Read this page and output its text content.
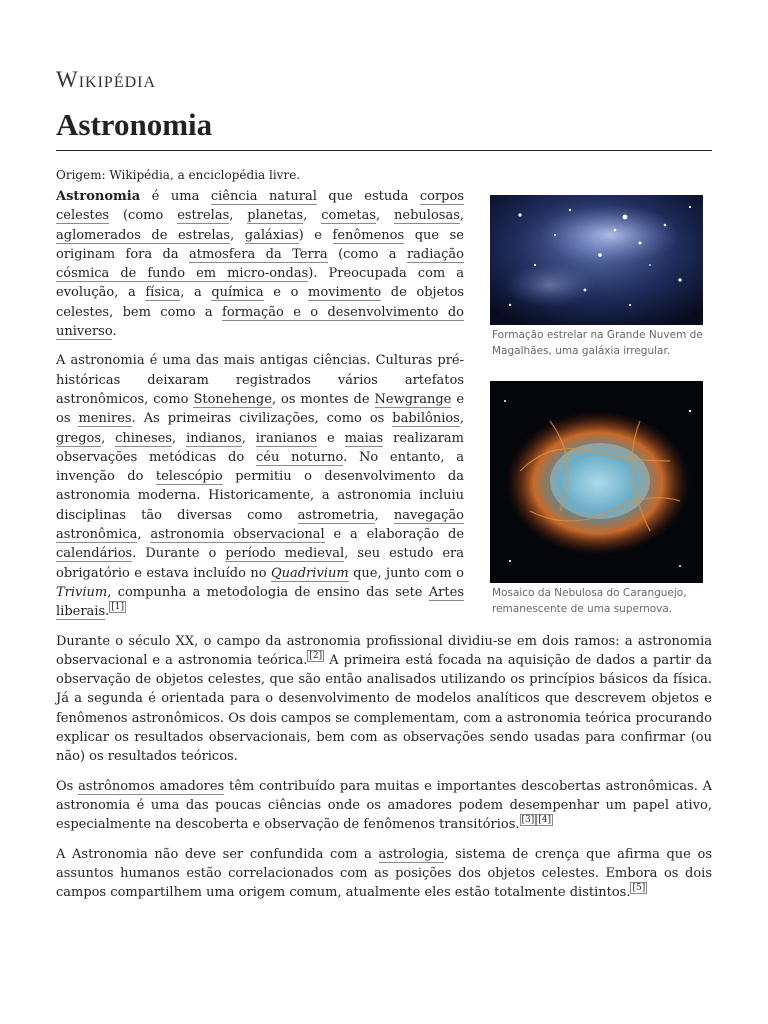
Wikipédia
Astronomia
Origem: Wikipédia, a enciclopédia livre.
Formação estrelar na Grande Nuvem de Magalhães, uma galáxia irregular.

Astronomia é uma ciência natural que estuda corpos celestes (como estrelas, planetas, cometas, nebulosas, aglomerados de estrelas, galáxias) e fenômenos que se originam fora da atmosfera da Terra (como a radiação cósmica de fundo em micro-ondas). Preocupada com a evolução, a física, a química e o movimento de objetos celestes, bem como a formação e o desenvolvimento do universo.

Mosaico da Nebulosa do Caranguejo, remanescente de uma supernova.

A astronomia é uma das mais antigas ciências. Culturas pré-históricas deixaram registrados vários artefatos astronômicos, como Stonehenge, os montes de Newgrange e os menires. As primeiras civilizações, como os babilônios, gregos, chineses, indianos, iranianos e maias realizaram observações metódicas do céu noturno. No entanto, a invenção do telescópio permitiu o desenvolvimento da astronomia moderna. Historicamente, a astronomia incluiu disciplinas tão diversas como astrometria, navegação astronômica, astronomia observacional e a elaboração de calendários. Durante o período medieval, seu estudo era obrigatório e estava incluído no Quadrivium que, junto com o Trivium, compunha a metodologia de ensino das sete Artes liberais. [1]

Durante o século XX, o campo da astronomia profissional dividiu-se em dois ramos: a astronomia observacional e a astronomia teórica. [2] A primeira está focada na aquisição de dados a partir da observação de objetos celestes, que são então analisados utilizando os princípios básicos da física. Já a segunda é orientada para o desenvolvimento de modelos analíticos que descrevem objetos e fenômenos astronômicos. Os dois campos se complementam, com a astronomia teórica procurando explicar os resultados observacionais, bem com as observações sendo usadas para confirmar (ou não) os resultados teóricos.

Os astrônomos amadores têm contribuído para muitas e importantes descobertas astronômicas. A astronomia é uma das poucas ciências onde os amadores podem desempenhar um papel ativo, especialmente na descoberta e observação de fenômenos transitórios. [3] [4]

A Astronomia não deve ser confundida com a astrologia, sistema de crença que afirma que os assuntos humanos estão correlacionados com as posições dos objetos celestes. Embora os dois campos compartilhem uma origem comum, atualmente eles estão totalmente distintos. [5]
